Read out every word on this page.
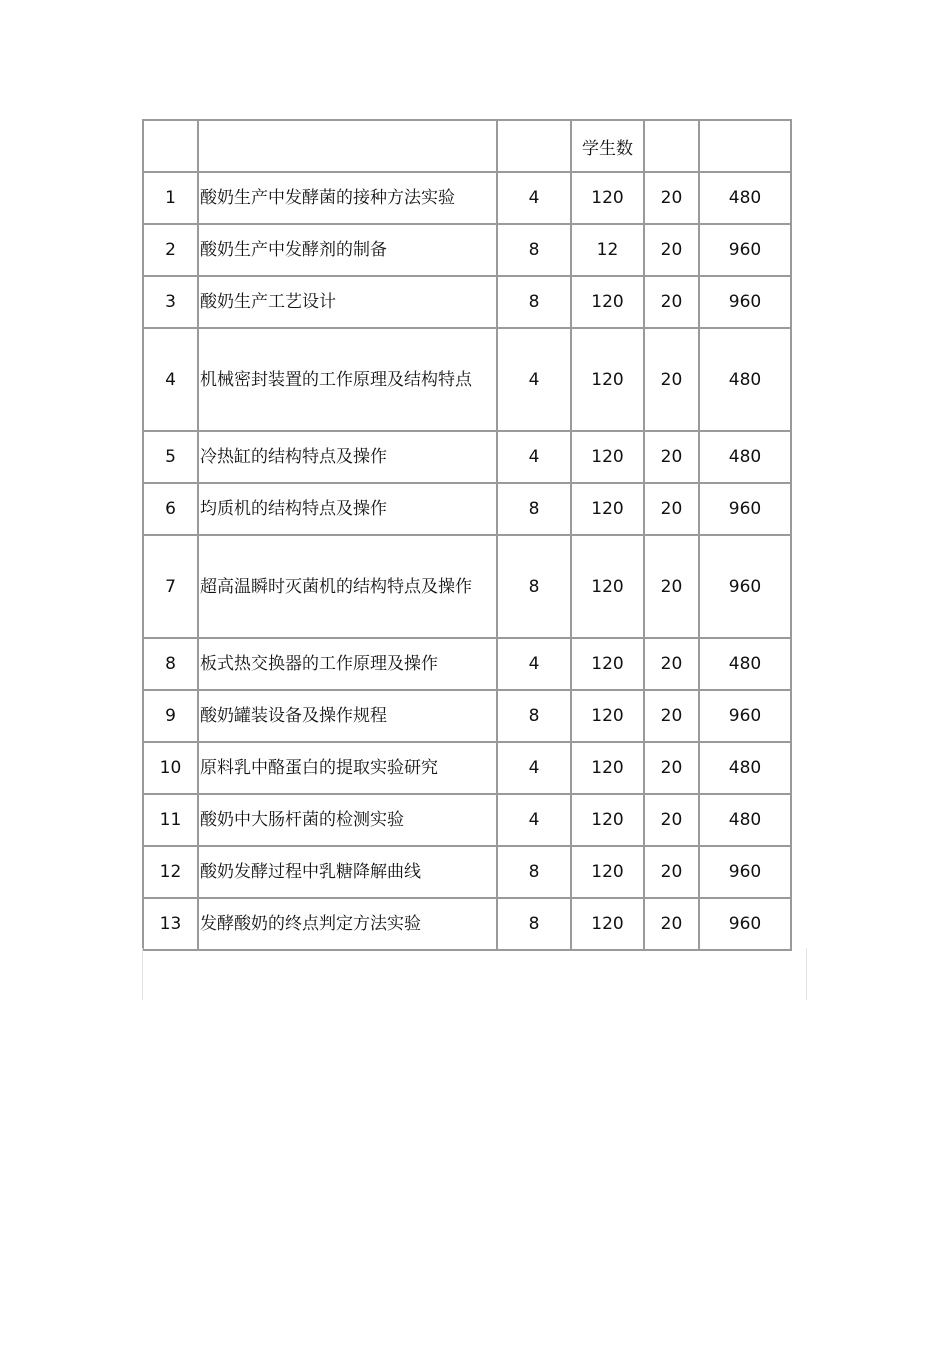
			学生数		
1	酸奶生产中发酵菌的接种方法实验	4	120	20	480
2	酸奶生产中发酵剂的制备	8	12	20	960
3	酸奶生产工艺设计	8	120	20	960
4	机械密封装置的工作原理及结构特点	4	120	20	480
5	冷热缸的结构特点及操作	4	120	20	480
6	均质机的结构特点及操作	8	120	20	960
7	超高温瞬时灭菌机的结构特点及操作	8	120	20	960
8	板式热交换器的工作原理及操作	4	120	20	480
9	酸奶罐装设备及操作规程	8	120	20	960
10	原料乳中酪蛋白的提取实验研究	4	120	20	480
11	酸奶中大肠杆菌的检测实验	4	120	20	480
12	酸奶发酵过程中乳糖降解曲线	8	120	20	960
13	发酵酸奶的终点判定方法实验	8	120	20	960
